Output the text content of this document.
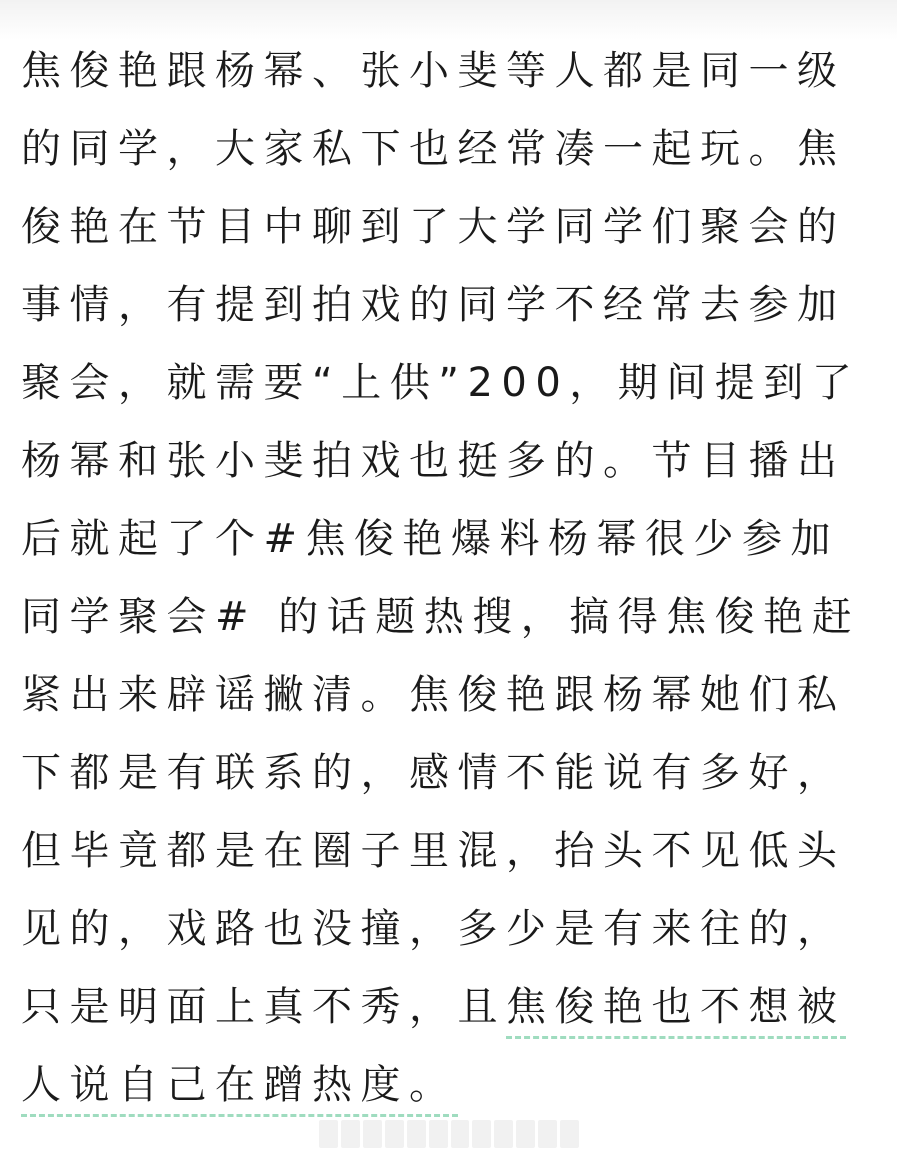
焦俊艳跟杨幂、张小斐等人都是同一级
的同学，大家私下也经常凑一起玩。焦
俊艳在节目中聊到了大学同学们聚会的
事情，有提到拍戏的同学不经常去参加
聚会，就需要“上供”200，期间提到了
杨幂和张小斐拍戏也挺多的。节目播出
后就起了个#焦俊艳爆料杨幂很少参加
同学聚会# 的话题热搜，搞得焦俊艳赶
紧出来辟谣撇清。焦俊艳跟杨幂她们私
下都是有联系的，感情不能说有多好，
但毕竟都是在圈子里混，抬头不见低头
见的，戏路也没撞，多少是有来往的，
只是明面上真不秀，且焦俊艳也不想被
人说自己在蹭热度。
